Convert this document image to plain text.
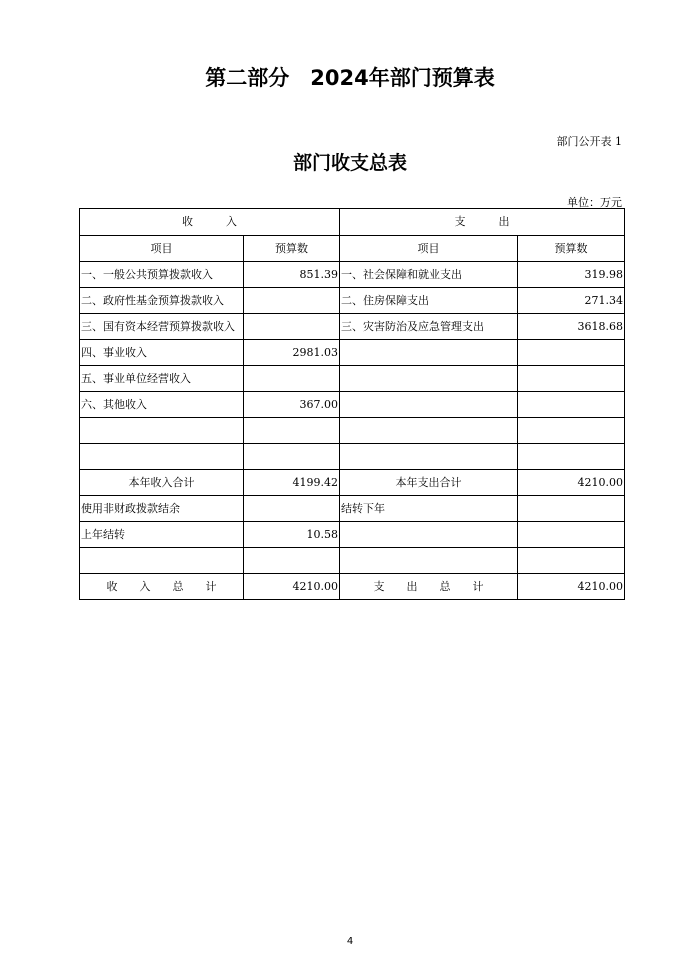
第二部分　2024年部门预算表
部门公开表 1
部门收支总表
单位：万元
收　　　入		支　　　出	
项目	预算数	项目	预算数
一、一般公共预算拨款收入	851.39	一、社会保障和就业支出	319.98
二、政府性基金预算拨款收入		二、住房保障支出	271.34
三、国有资本经营预算拨款收入		三、灾害防治及应急管理支出	3618.68
四、事业收入	2981.03		
五、事业单位经营收入			
六、其他收入	367.00		

本年收入合计	4199.42	本年支出合计	4210.00
使用非财政拨款结余		结转下年	
上年结转	10.58		

收　　入　　总　　计	4210.00	支　　出　　总　　计	4210.00
4
